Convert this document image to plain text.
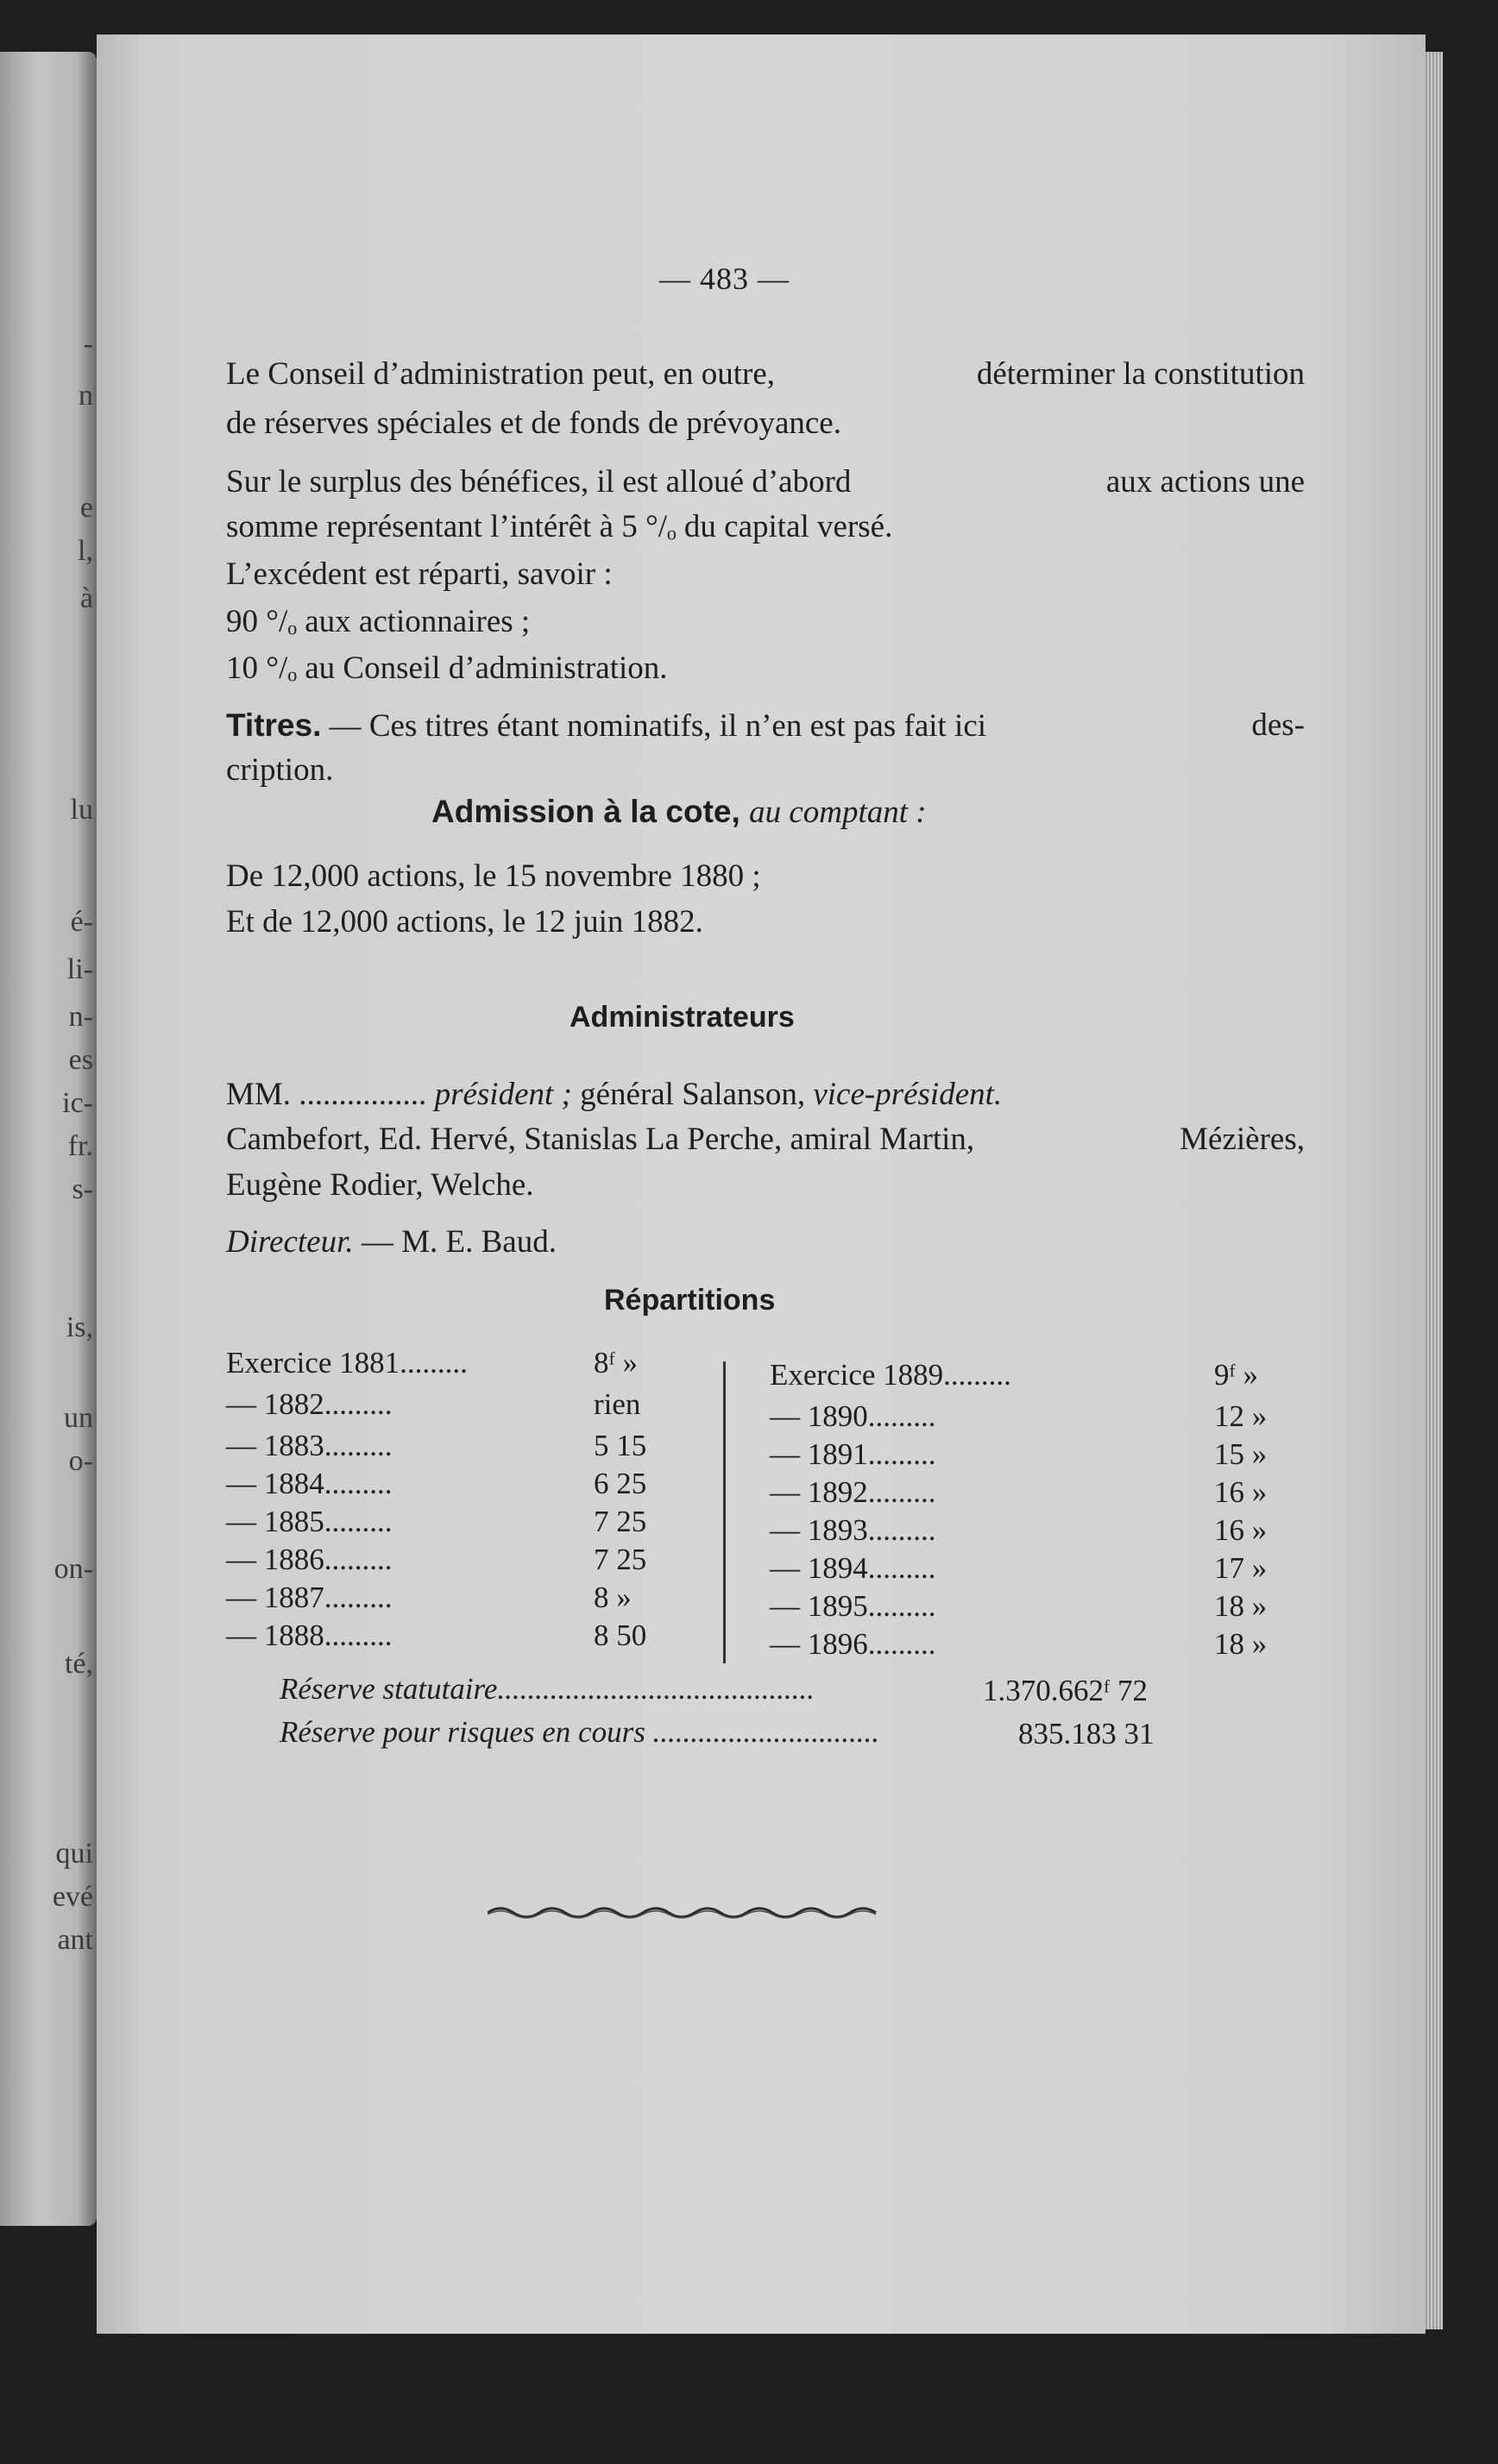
-
n
e
l,
à
lu
é-
li-
n-
es
ic-
fr.
s-
is,
un
o-
on-
té,
qui
evé
ant
— 483 —
Le Conseil d’administration peut, en outre,	déterminer la constitution
de réserves spéciales et de fonds de prévoyance.
Sur le surplus des bénéfices, il est alloué d’abord	aux actions une
somme représentant l’intérêt à 5 °/ₒ du capital versé.
L’excédent est réparti, savoir :
90 °/ₒ aux actionnaires ;
10 °/ₒ au Conseil d’administration.
Titres. — Ces titres étant nominatifs, il n’en est pas fait ici	des-
cription.
Admission à la cote, au comptant :
De 12,000 actions, le 15 novembre 1880 ;
Et de 12,000 actions, le 12 juin 1882.
Administrateurs
MM. ................ président ; général Salanson, vice-président.
Cambefort, Ed. Hervé, Stanislas La Perche, amiral Martin,	Mézières,
Eugène Rodier, Welche.
Directeur. — M. E. Baud.
Répartitions
Exercice 1881.........	8ᶠ »
— 1882.........	rien
— 1883.........	5 15
— 1884.........	6 25
— 1885.........	7 25
— 1886.........	7 25
— 1887.........	8 »
— 1888.........	8 50
Exercice 1889.........	9ᶠ »
— 1890.........	12 »
— 1891.........	15 »
— 1892.........	16 »
— 1893.........	16 »
— 1894.........	17 »
— 1895.........	18 »
— 1896.........	18 »
Réserve statutaire..........................................	1.370.662ᶠ 72
Réserve pour risques en cours ..............................	835.183 31
